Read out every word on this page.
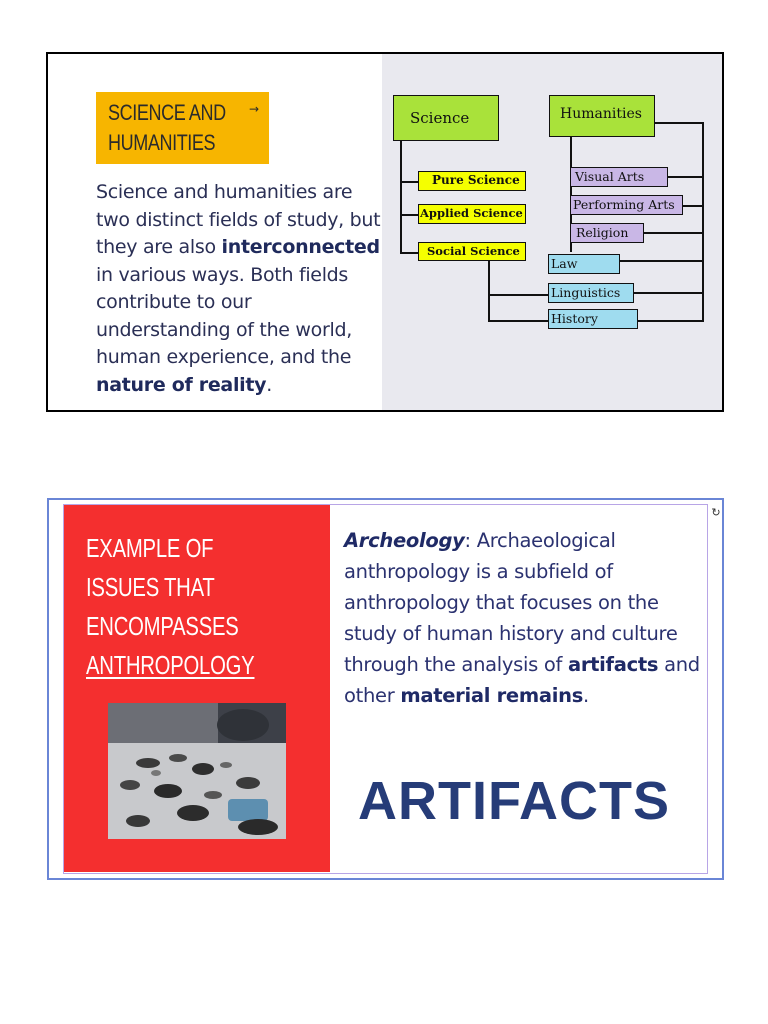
SCIENCE AND HUMANITIES
→
Science and humanities are two distinct fields of study, but they are also interconnected in various ways. Both fields contribute to our understanding of the world, human experience, and the nature of reality.
Science	Humanities
Pure Science
Applied Science
Social Science
Visual Arts
Performing Arts
Religion
Law
Linguistics
History
EXAMPLE OF
ISSUES THAT
ENCOMPASSES
ANTHROPOLOGY
Archeology: Archaeological anthropology is a subfield of anthropology that focuses on the study of human history and culture through the analysis of artifacts and other material remains.
ARTIFACTS
↻
